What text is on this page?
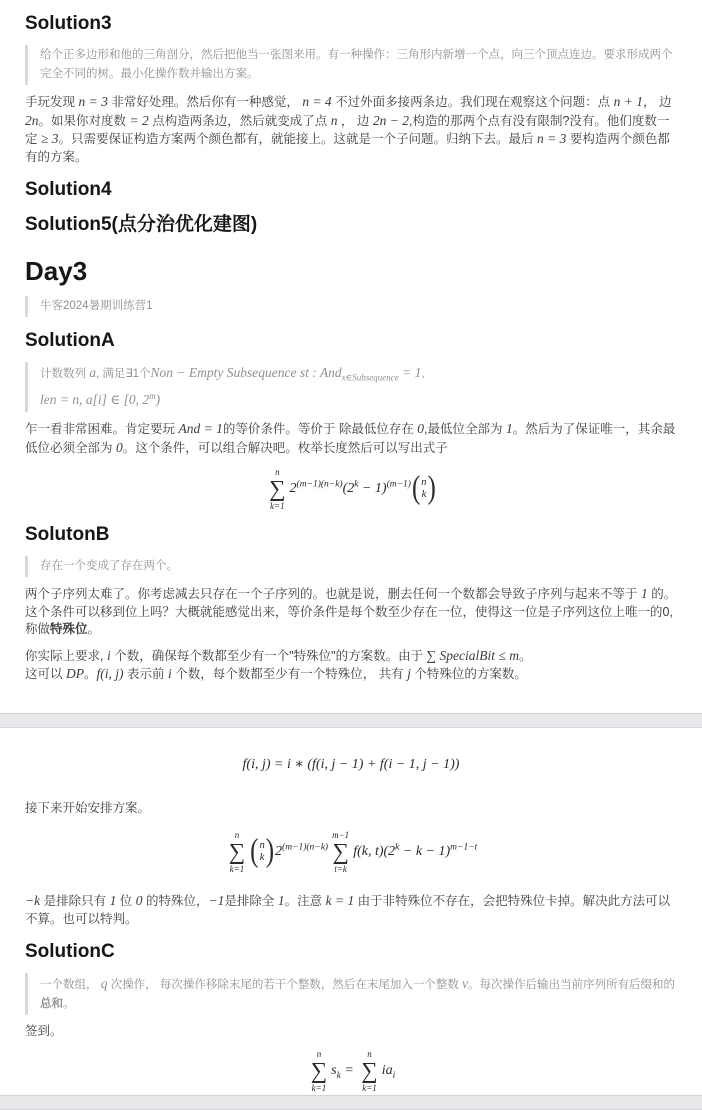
Solution3
给个正多边形和他的三角剖分，然后把他当一张图来用。有一种操作：三角形内新增一个点，向三个顶点连边。要求形成两个完全不同的树。最小化操作数并输出方案。

手玩发现 n = 3 非常好处理。然后你有一种感觉， n = 4 不过外面多接两条边。我们现在观察这个问题：点 n + 1， 边 2n。如果你对度数 = 2 点构造两条边，然后就变成了点 n ， 边 2n − 2,构造的那两个点有没有限制?没有。他们度数一定 ≥ 3。只需要保证构造方案两个颜色都有，就能接上。这就是一个子问题。归纳下去。最后 n = 3 要构造两个颜色都有的方案。

Solution4
Solution5(点分治优化建图)
Day3
牛客2024暑期训练营1
SolutionA
计数数列 a, 满足∃1个Non − Empty Subsequence st : And$_{x\in Subsequence}$ = 1,
len = n, a[i] ∈ [0, 2$^m$)

乍一看非常困难。肯定要玩 And = 1的等价条件。等价于 除最低位存在 0,最低位全部为 1。然后为了保证唯一，其余最低位必须全部为 0。这个条件，可以组合解决吧。枚举长度然后可以写出式子

n
∑
k=1
$2^{(m-1)(n-k)}(2^k - 1)^{(m-1)}$ ( n
k )
SolutonB
存在一个变成了存在两个。

两个子序列太难了。你考虑减去只存在一个子序列的。也就是说，删去任何一个数都会导致子序列与起来不等于 1 的。这个条件可以移到位上吗？大概就能感觉出来，等价条件是每个数至少存在一位，使得这一位是子序列这位上唯一的0,称做特殊位。

你实际上要求, i 个数，确保每个数都至少有一个"特殊位"的方案数。由于 ∑ SpecialBit ≤ m。
这可以 DP。f(i, j) 表示前 i 个数，每个数都至少有一个特殊位， 共有 j 个特殊位的方案数。

f(i, j) = i ∗ (f(i, j − 1) + f(i − 1, j − 1))

接下来开始安排方案。

n
∑
k=1
( n
k ) $2^{(m-1)(n-k)}$
m−1
∑
t=k
f(k, $t)(2^k - k - 1)^{m-1-t}$

−k 是排除只有 1 位 0 的特殊位，−1是排除全 1。注意 k = 1 由于非特殊位不存在，会把特殊位卡掉。解决此方法可以不算。也可以特判。

SolutionC
一个数组， q 次操作， 每次操作移除末尾的若干个整数，然后在末尾加入一个整数 v。每次操作后输出当前序列所有后缀和的 总和。

签到。

n
∑
k=1
$s_k$ =
n
∑
k=1
$ia_i$
